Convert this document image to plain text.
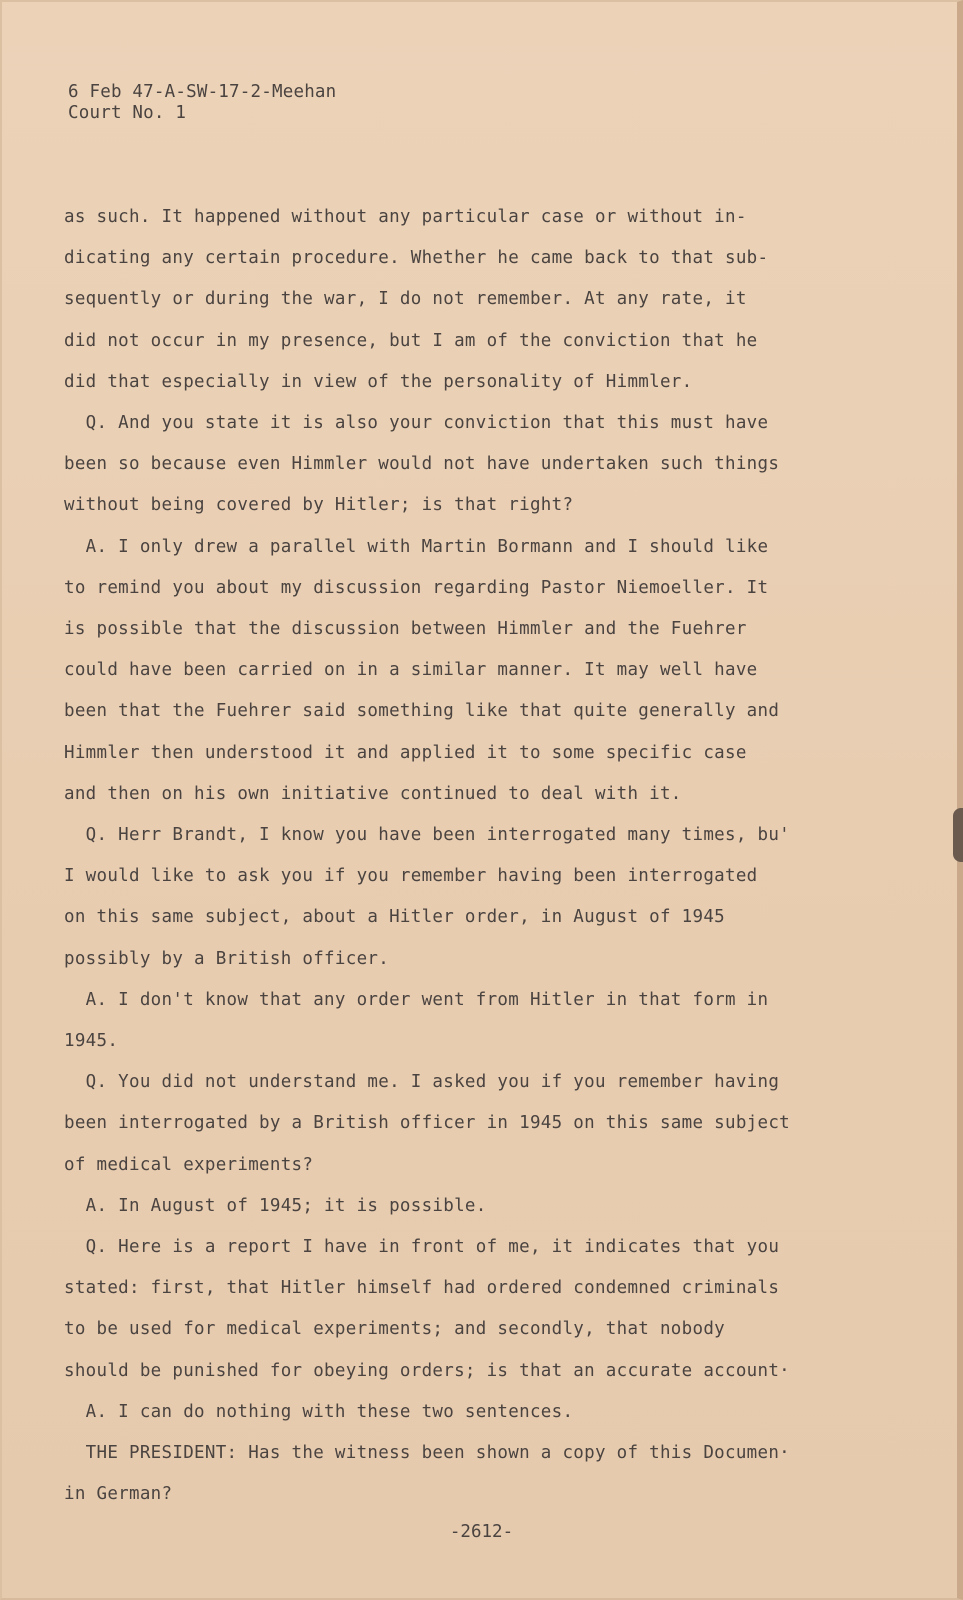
6 Feb 47-A-SW-17-2-Meehan
Court No. 1
as such. It happened without any particular case or without in-
dicating any certain procedure. Whether he came back to that sub-
sequently or during the war, I do not remember. At any rate, it
did not occur in my presence, but I am of the conviction that he
did that especially in view of the personality of Himmler.
Q. And you state it is also your conviction that this must have
been so because even Himmler would not have undertaken such things
without being covered by Hitler; is that right?
A. I only drew a parallel with Martin Bormann and I should like
to remind you about my discussion regarding Pastor Niemoeller. It
is possible that the discussion between Himmler and the Fuehrer
could have been carried on in a similar manner. It may well have
been that the Fuehrer said something like that quite generally and
Himmler then understood it and applied it to some specific case
and then on his own initiative continued to deal with it.
Q. Herr Brandt, I know you have been interrogated many times, bu'
I would like to ask you if you remember having been interrogated
on this same subject, about a Hitler order, in August of 1945
possibly by a British officer.
A. I don't know that any order went from Hitler in that form in
1945.
Q. You did not understand me. I asked you if you remember having
been interrogated by a British officer in 1945 on this same subject
of medical experiments?
A. In August of 1945; it is possible.
Q. Here is a report I have in front of me, it indicates that you
stated: first, that Hitler himself had ordered condemned criminals
to be used for medical experiments; and secondly, that nobody
should be punished for obeying orders; is that an accurate account·
A. I can do nothing with these two sentences.
THE PRESIDENT: Has the witness been shown a copy of this Documen·
in German?
-2612-
